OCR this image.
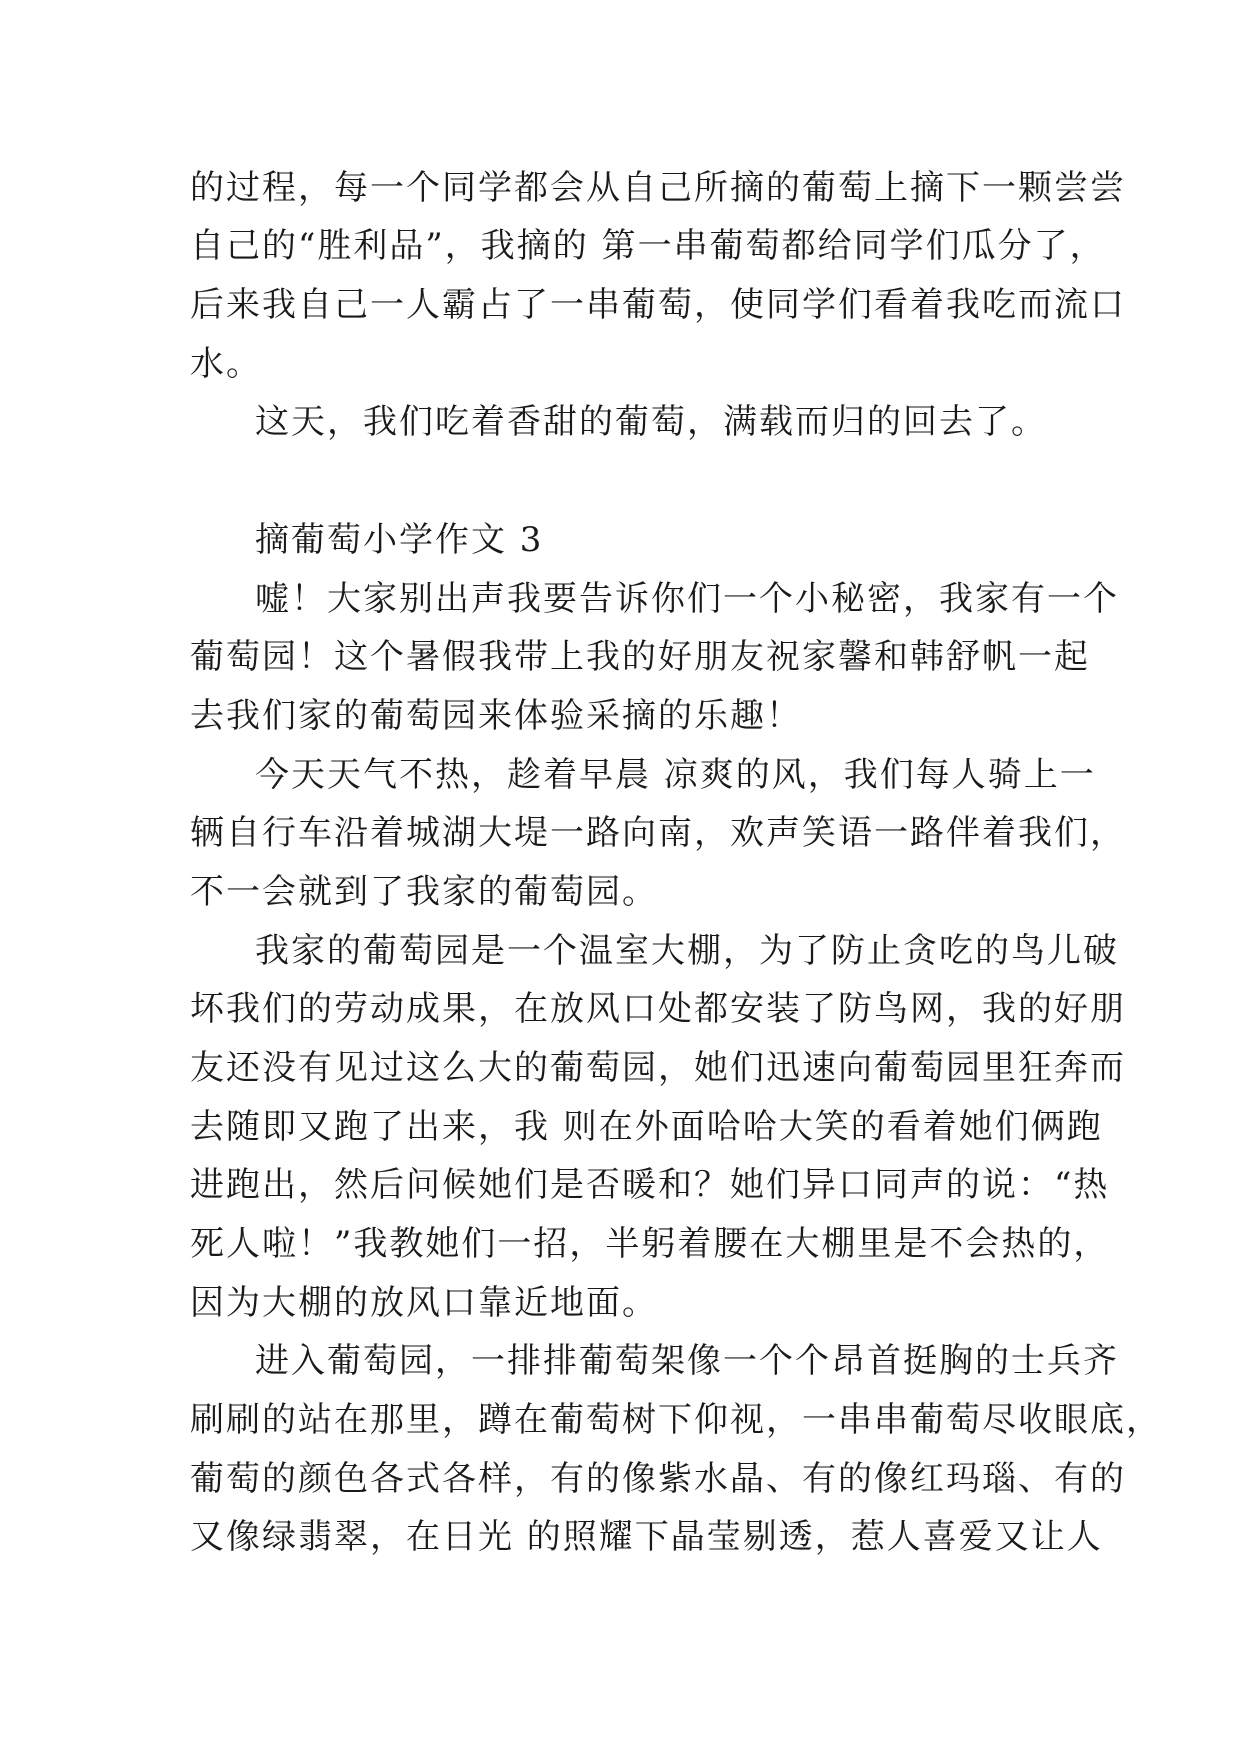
的过程，每一个同学都会从自己所摘的葡萄上摘下一颗尝尝

自己的“胜利品”，我摘的 第一串葡萄都给同学们瓜分了，

后来我自己一人霸占了一串葡萄，使同学们看着我吃而流口

水。

这天，我们吃着香甜的葡萄，满载而归的回去了。

摘葡萄小学作文 3

嘘！大家别出声我要告诉你们一个小秘密，我家有一个

葡萄园！这个暑假我带上我的好朋友祝家馨和韩舒帆一起

去我们家的葡萄园来体验采摘的乐趣！

今天天气不热，趁着早晨 凉爽的风，我们每人骑上一

辆自行车沿着城湖大堤一路向南，欢声笑语一路伴着我们，

不一会就到了我家的葡萄园。

我家的葡萄园是一个温室大棚，为了防止贪吃的鸟儿破

坏我们的劳动成果，在放风口处都安装了防鸟网，我的好朋

友还没有见过这么大的葡萄园，她们迅速向葡萄园里狂奔而

去随即又跑了出来，我 则在外面哈哈大笑的看着她们俩跑

进跑出，然后问候她们是否暖和？她们异口同声的说：“热

死人啦！”我教她们一招，半躬着腰在大棚里是不会热的，

因为大棚的放风口靠近地面。

进入葡萄园，一排排葡萄架像一个个昂首挺胸的士兵齐

刷刷的站在那里，蹲在葡萄树下仰视，一串串葡萄尽收眼底，

葡萄的颜色各式各样，有的像紫水晶、有的像红玛瑙、有的

又像绿翡翠，在日光 的照耀下晶莹剔透，惹人喜爱又让人
